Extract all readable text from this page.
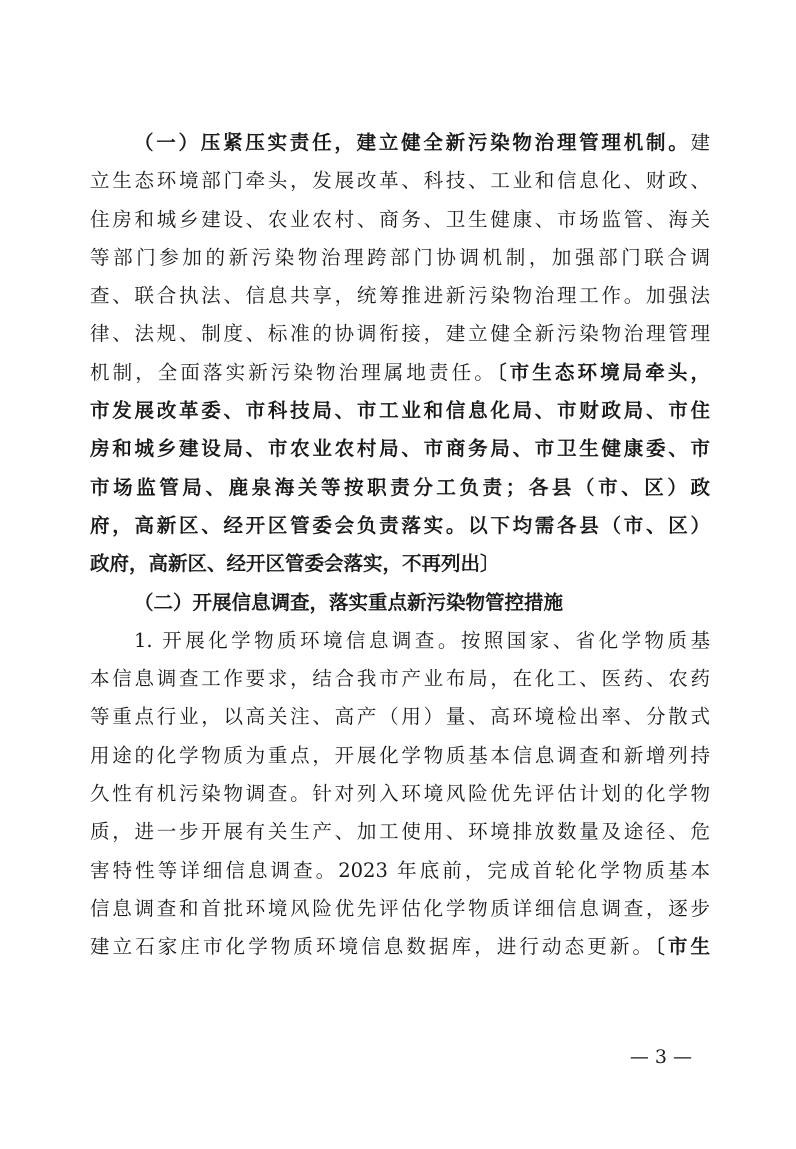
（一）压紧压实责任，建立健全新污染物治理管理机制。建
立生态环境部门牵头，发展改革、科技、工业和信息化、财政、
住房和城乡建设、农业农村、商务、卫生健康、市场监管、海关
等部门参加的新污染物治理跨部门协调机制，加强部门联合调
查、联合执法、信息共享，统筹推进新污染物治理工作。加强法
律、法规、制度、标准的协调衔接，建立健全新污染物治理管理
机制，全面落实新污染物治理属地责任。〔市生态环境局牵头，
市发展改革委、市科技局、市工业和信息化局、市财政局、市住
房和城乡建设局、市农业农村局、市商务局、市卫生健康委、市
市场监管局、鹿泉海关等按职责分工负责；各县（市、区）政
府，高新区、经开区管委会负责落实。以下均需各县（市、区）
政府，高新区、经开区管委会落实，不再列出〕
（二）开展信息调查，落实重点新污染物管控措施
1. 开展化学物质环境信息调查。按照国家、省化学物质基
本信息调查工作要求，结合我市产业布局，在化工、医药、农药
等重点行业，以高关注、高产（用）量、高环境检出率、分散式
用途的化学物质为重点，开展化学物质基本信息调查和新增列持
久性有机污染物调查。针对列入环境风险优先评估计划的化学物
质，进一步开展有关生产、加工使用、环境排放数量及途径、危
害特性等详细信息调查。2023 年底前，完成首轮化学物质基本
信息调查和首批环境风险优先评估化学物质详细信息调查，逐步
建立石家庄市化学物质环境信息数据库，进行动态更新。〔市生
— 3 —
